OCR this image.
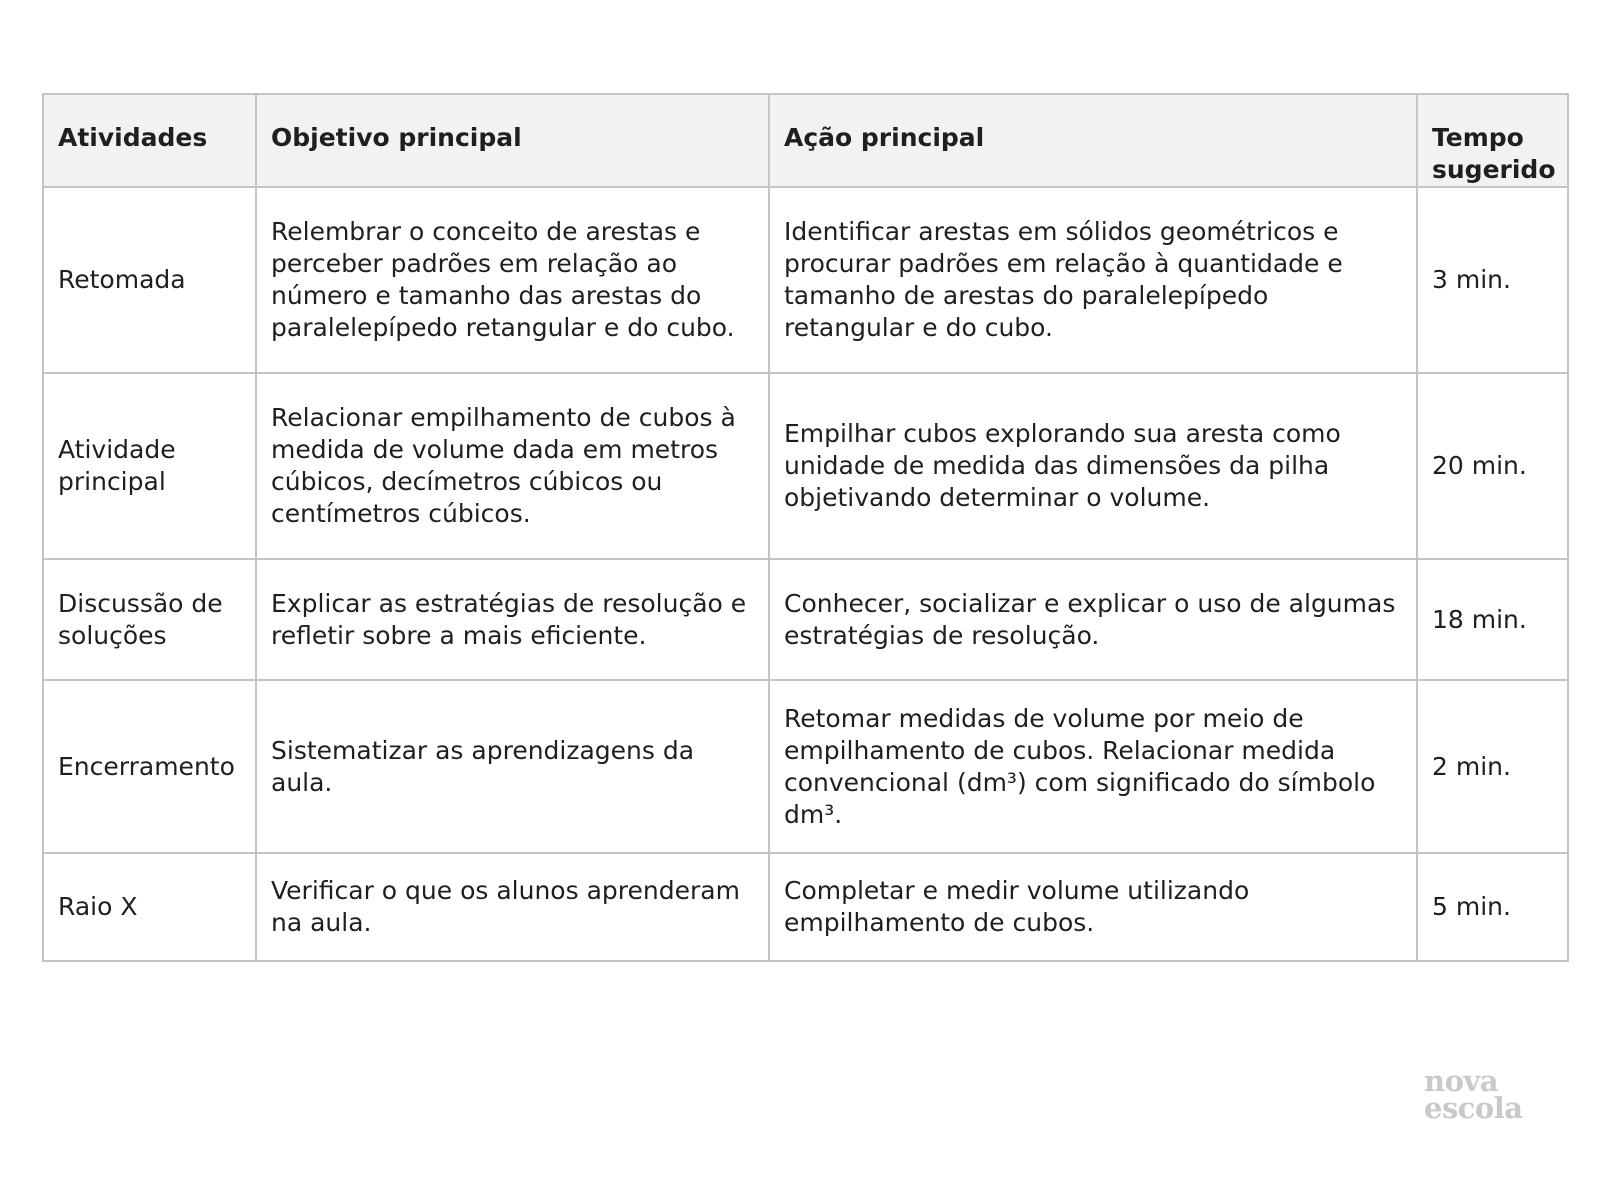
Atividades	Objetivo principal	Ação principal	Tempo sugerido
Retomada	Relembrar o conceito de arestas e perceber padrões em relação ao número e tamanho das arestas do paralelepípedo retangular e do cubo.	Identificar arestas em sólidos geométricos e procurar padrões em relação à quantidade e tamanho de arestas do paralelepípedo retangular e do cubo.	3 min.
Atividade principal	Relacionar empilhamento de cubos à medida de volume dada em metros cúbicos, decímetros cúbicos ou centímetros cúbicos.	Empilhar cubos explorando sua aresta como unidade de medida das dimensões da pilha objetivando determinar o volume.	20 min.
Discussão de soluções	Explicar as estratégias de resolução e refletir sobre a mais eficiente.	Conhecer, socializar e explicar o uso de algumas estratégias de resolução.	18 min.
Encerramento	Sistematizar as aprendizagens da aula.	Retomar medidas de volume por meio de empilhamento de cubos. Relacionar medida convencional (dm³) com significado do símbolo dm³.	2 min.
Raio X	Verificar o que os alunos aprenderam na aula.	Completar e medir volume utilizando empilhamento de cubos.	5 min.
nova
escola
